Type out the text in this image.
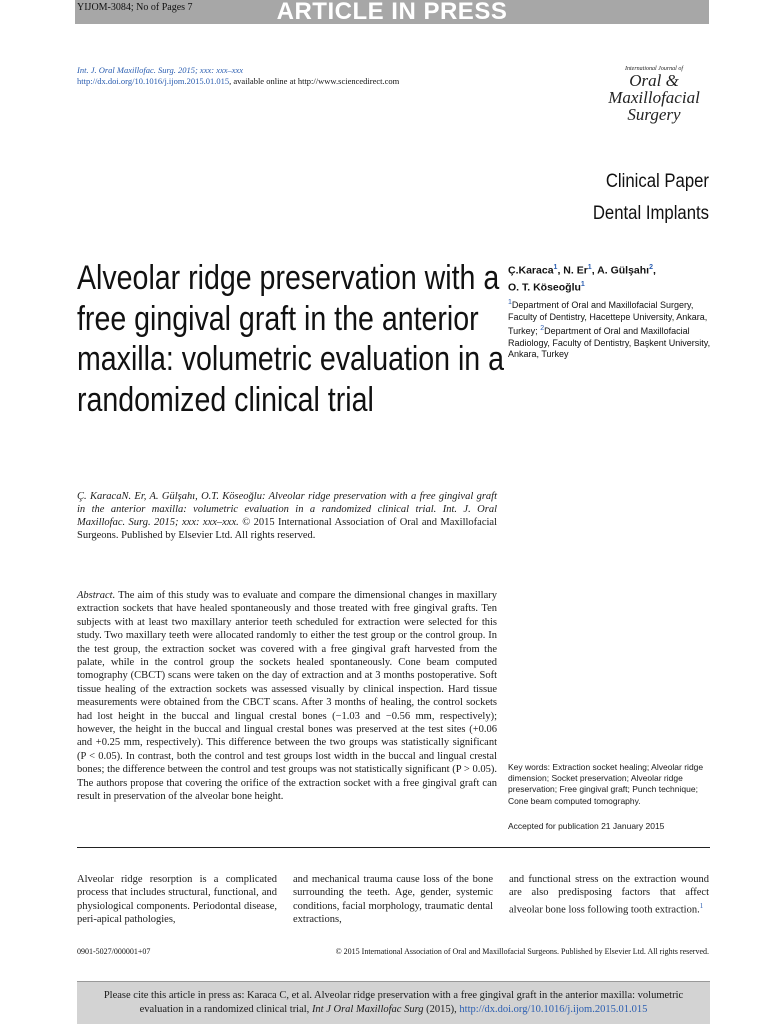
YIJOM-3084; No of Pages 7	ARTICLE IN PRESS
Int. J. Oral Maxillofac. Surg. 2015; xxx: xxx–xxx
http://dx.doi.org/10.1016/j.ijom.2015.01.015, available online at http://www.sciencedirect.com
International Journal of
Oral &
Maxillofacial
Surgery
Clinical Paper
Dental Implants
Alveolar ridge preservation with a free gingival graft in the anterior maxilla: volumetric evaluation in a randomized clinical trial
Ç.Karaca$^1$, N. Er$^1$, A. Gülşahı$^2$,
O. T. Köseoğlu$^1$
$^1$Department of Oral and Maxillofacial Surgery, Faculty of Dentistry, Hacettepe University, Ankara, Turkey; $^2$Department of Oral and Maxillofacial Radiology, Faculty of Dentistry, Başkent University, Ankara, Turkey
Ç. KaracaN. Er, A. Gülşahı, O.T. Köseoğlu: Alveolar ridge preservation with a free gingival graft in the anterior maxilla: volumetric evaluation in a randomized clinical trial. Int. J. Oral Maxillofac. Surg. 2015; xxx: xxx–xxx. © 2015 International Association of Oral and Maxillofacial Surgeons. Published by Elsevier Ltd. All rights reserved.
Abstract. The aim of this study was to evaluate and compare the dimensional changes in maxillary extraction sockets that have healed spontaneously and those treated with free gingival grafts. Ten subjects with at least two maxillary anterior teeth scheduled for extraction were selected for this study. Two maxillary teeth were allocated randomly to either the test group or the control group. In the test group, the extraction socket was covered with a free gingival graft harvested from the palate, while in the control group the sockets healed spontaneously. Cone beam computed tomography (CBCT) scans were taken on the day of extraction and at 3 months postoperative. Soft tissue healing of the extraction sockets was assessed visually by clinical inspection. Hard tissue measurements were obtained from the CBCT scans. After 3 months of healing, the control sockets had lost height in the buccal and lingual crestal bones (−1.03 and −0.56 mm, respectively); however, the height in the buccal and lingual crestal bones was preserved at the test sites (+0.06 and +0.25 mm, respectively). This difference between the two groups was statistically significant (P < 0.05). In contrast, both the control and test groups lost width in the buccal and lingual crestal bones; the difference between the control and test groups was not statistically significant (P > 0.05). The authors propose that covering the orifice of the extraction socket with a free gingival graft can result in preservation of the alveolar bone height.
Key words: Extraction socket healing; Alveolar ridge dimension; Socket preservation; Alveolar ridge preservation; Free gingival graft; Punch technique; Cone beam computed tomography.
Accepted for publication 21 January 2015
Alveolar ridge resorption is a complicated process that includes structural, functional, and physiological components. Periodontal disease, peri-apical pathologies,
and mechanical trauma cause loss of the bone surrounding the teeth. Age, gender, systemic conditions, facial morphology, traumatic dental extractions,
and functional stress on the extraction wound are also predisposing factors that affect alveolar bone loss following tooth extraction.$^1$
0901-5027/000001+07	© 2015 International Association of Oral and Maxillofacial Surgeons. Published by Elsevier Ltd. All rights reserved.
Please cite this article in press as: Karaca C, et al. Alveolar ridge preservation with a free gingival graft in the anterior maxilla: volumetric evaluation in a randomized clinical trial, Int J Oral Maxillofac Surg (2015), http://dx.doi.org/10.1016/j.ijom.2015.01.015
